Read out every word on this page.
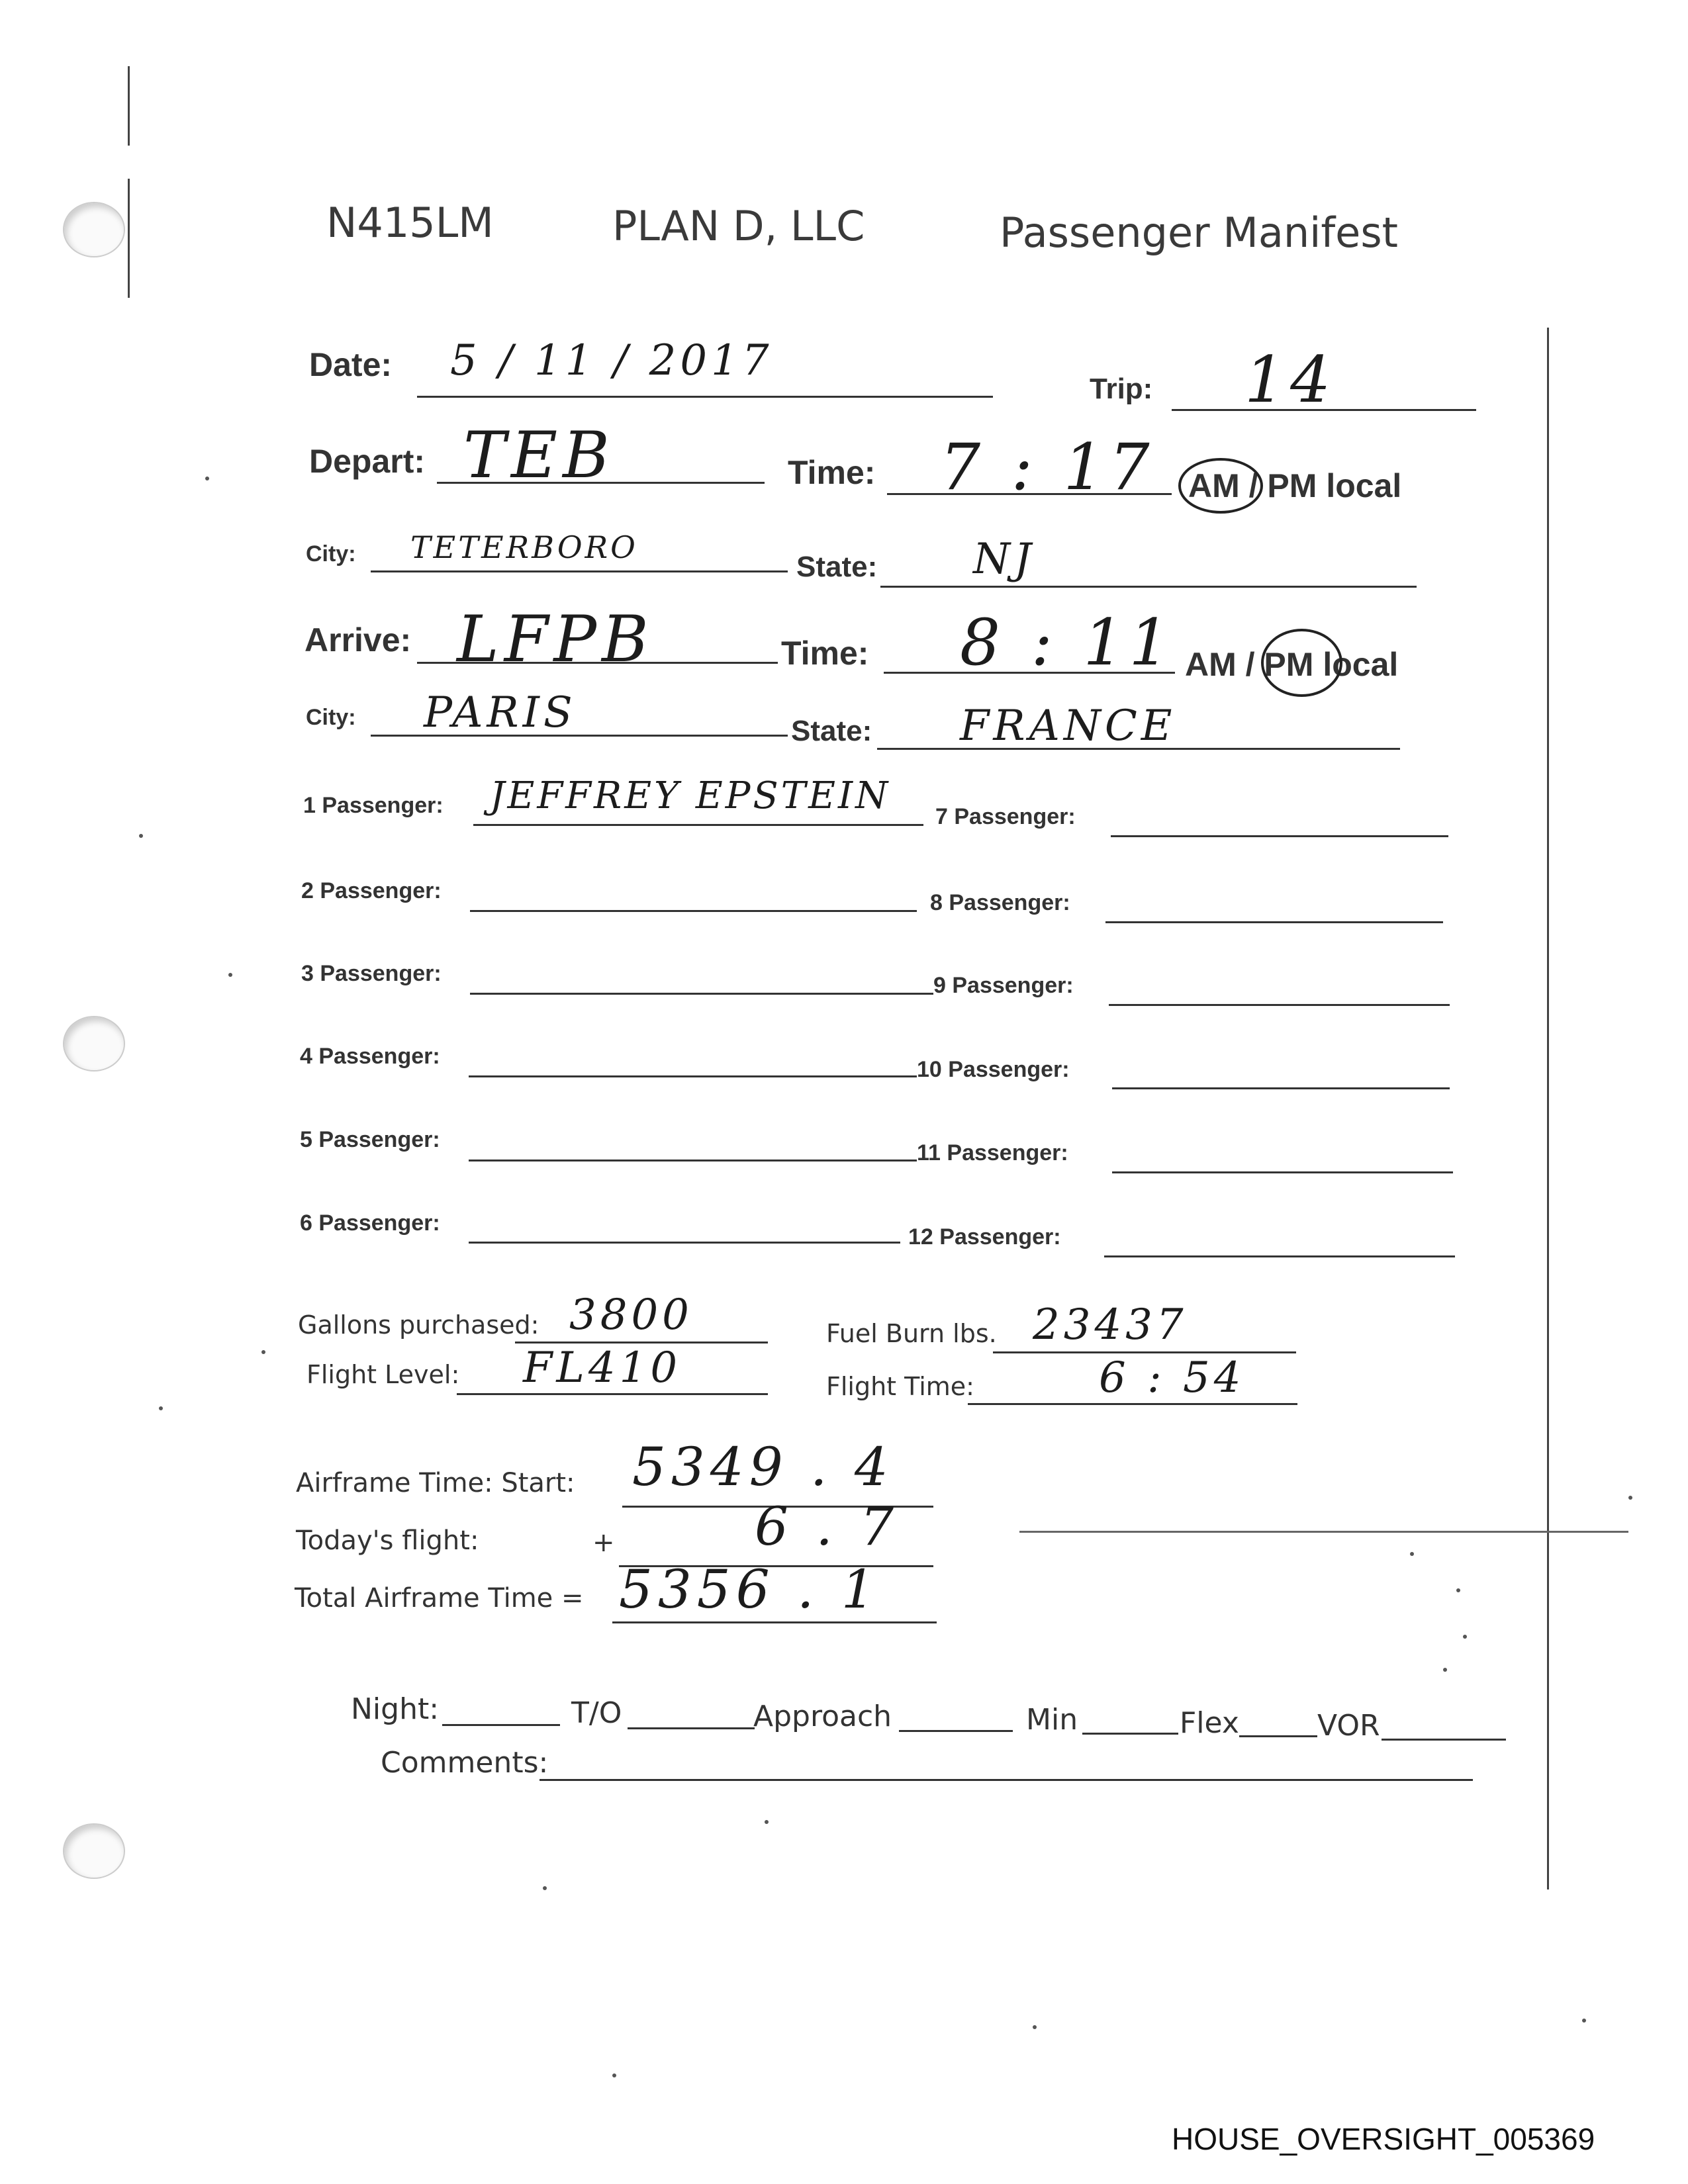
N415LM	PLAN D, LLC	Passenger Manifest
Date: 5 / 11 / 2017
Trip: 14
Depart: TEB	Time: 7 : 17 AM / PM local
City: TETERBORO
State: NJ
Arrive: LFPB	Time: 8 : 11 AM / PM local
City: PARIS	State: FRANCE
1 Passenger: JEFFREY EPSTEIN
2 Passenger:
3 Passenger:
4 Passenger:
5 Passenger:
6 Passenger:
7 Passenger:
8 Passenger:
9 Passenger:
10 Passenger:
11 Passenger:
12 Passenger:
Gallons purchased: 3800	Fuel Burn lbs. 23437
Flight Level: FL410	Flight Time:	6 : 54
Airframe Time: Start: 5349 . 4
Today's flight:	+	6 . 7
Total Airframe Time = 5356 . 1
Night:	T/O	Approach	Min	Flex	VOR
Comments:
HOUSE_OVERSIGHT_005369
